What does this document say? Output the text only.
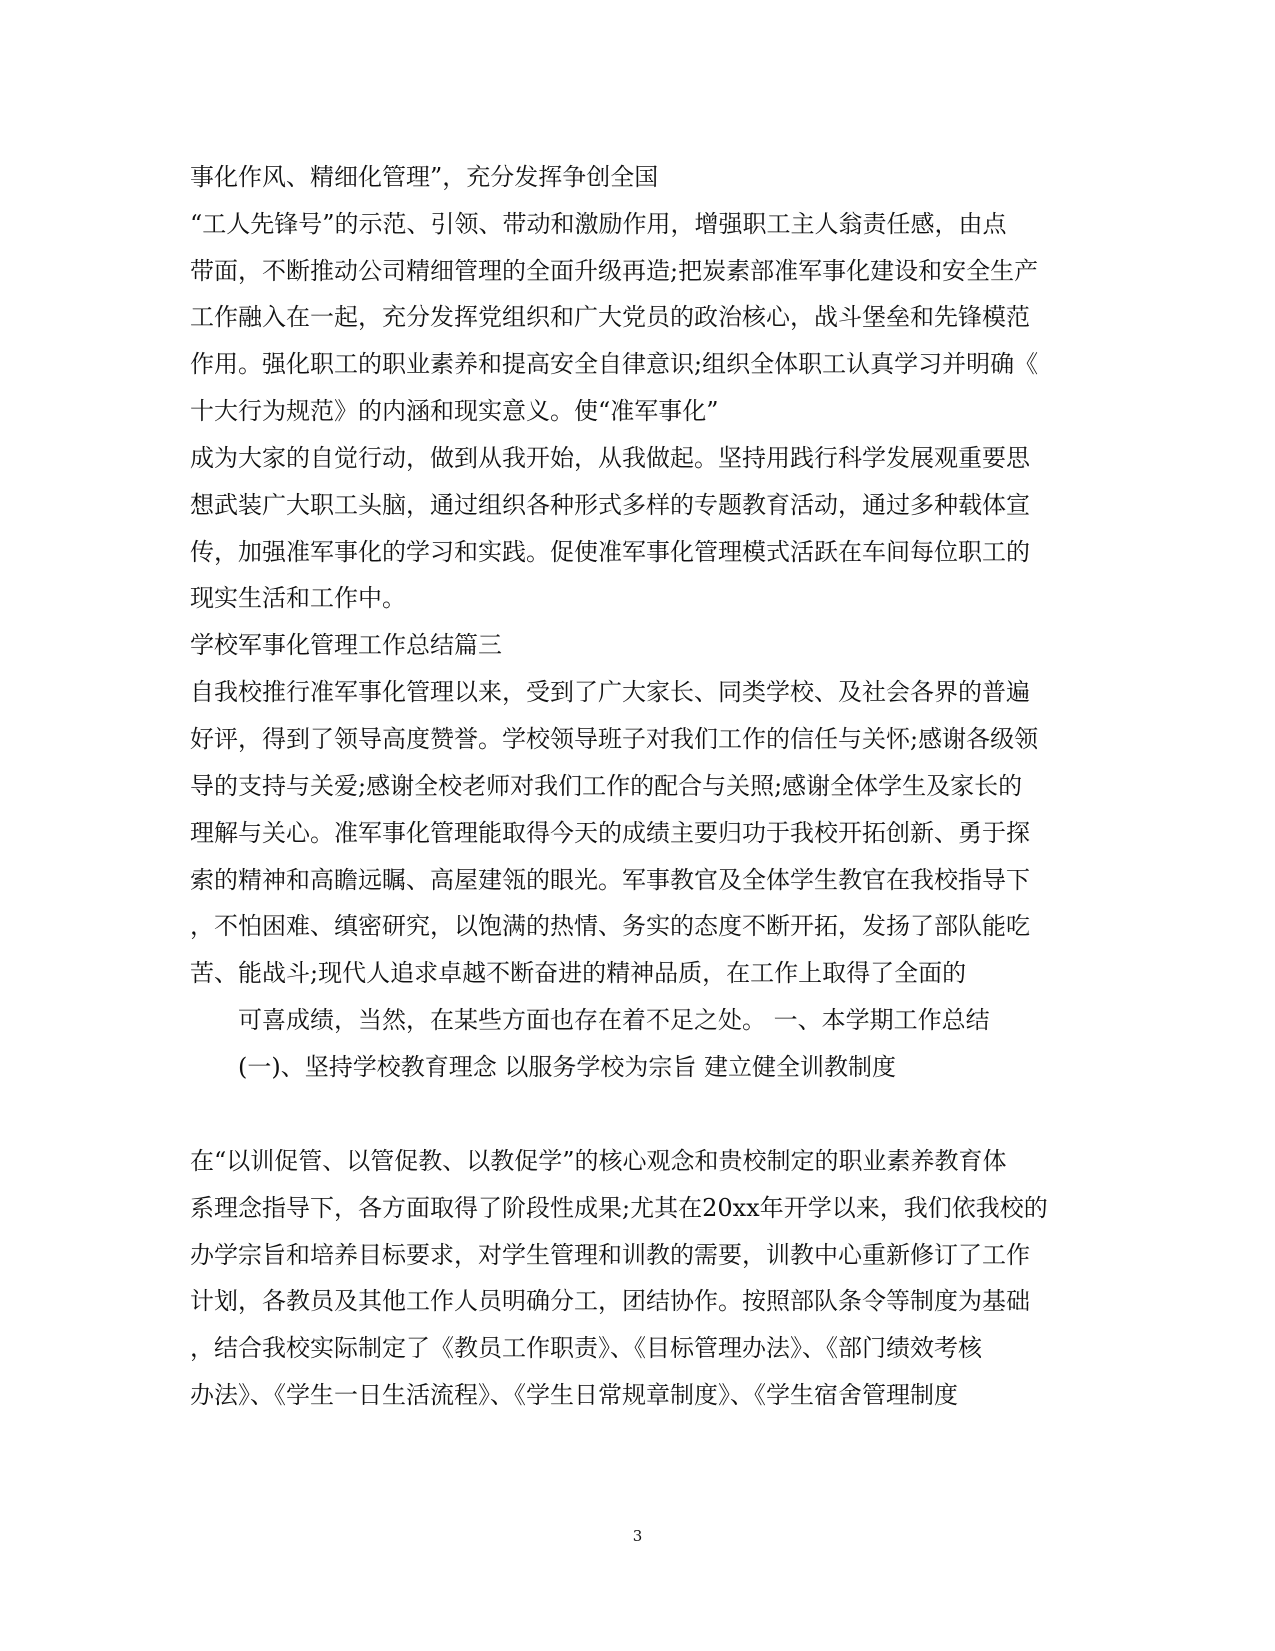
事化作风、精细化管理”，充分发挥争创全国
“工人先锋号”的示范、引领、带动和激励作用，增强职工主人翁责任感，由点
带面，不断推动公司精细管理的全面升级再造;把炭素部准军事化建设和安全生产
工作融入在一起，充分发挥党组织和广大党员的政治核心，战斗堡垒和先锋模范
作用。强化职工的职业素养和提高安全自律意识;组织全体职工认真学习并明确《
十大行为规范》的内涵和现实意义。使“准军事化”
成为大家的自觉行动，做到从我开始，从我做起。坚持用践行科学发展观重要思
想武装广大职工头脑，通过组织各种形式多样的专题教育活动，通过多种载体宣
传，加强准军事化的学习和实践。促使准军事化管理模式活跃在车间每位职工的
现实生活和工作中。
学校军事化管理工作总结篇三
自我校推行准军事化管理以来，受到了广大家长、同类学校、及社会各界的普遍
好评，得到了领导高度赞誉。学校领导班子对我们工作的信任与关怀;感谢各级领
导的支持与关爱;感谢全校老师对我们工作的配合与关照;感谢全体学生及家长的
理解与关心。准军事化管理能取得今天的成绩主要归功于我校开拓创新、勇于探
索的精神和高瞻远瞩、高屋建瓴的眼光。军事教官及全体学生教官在我校指导下
，不怕困难、缜密研究，以饱满的热情、务实的态度不断开拓，发扬了部队能吃
苦、能战斗;现代人追求卓越不断奋进的精神品质，在工作上取得了全面的
可喜成绩，当然，在某些方面也存在着不足之处。 一、本学期工作总结
(一)、坚持学校教育理念 以服务学校为宗旨 建立健全训教制度
在“以训促管、以管促教、以教促学”的核心观念和贵校制定的职业素养教育体
系理念指导下，各方面取得了阶段性成果;尤其在20xx年开学以来，我们依我校的
办学宗旨和培养目标要求，对学生管理和训教的需要，训教中心重新修订了工作
计划，各教员及其他工作人员明确分工，团结协作。按照部队条令等制度为基础
，结合我校实际制定了《教员工作职责》、《目标管理办法》、《部门绩效考核
办法》、《学生一日生活流程》、《学生日常规章制度》、《学生宿舍管理制度
3
